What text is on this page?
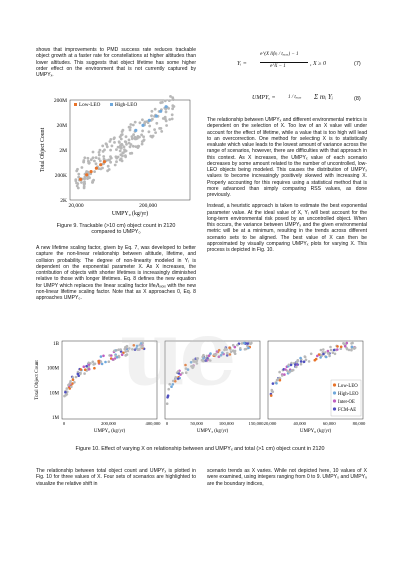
shows that improvements to PMD success rate reduces trackable object growth at a faster rate for constellations at higher altitudes than lower altitudes. This suggests that object lifetime has some higher order effect on the environment that is not currently captured by UMPYₓ.
200M
20M
2M
200K
2K
20,000	200,000
UMPY₀ (kg/yr)
Total Object Count
Low-LEO	High-LEO
Figure 9. Trackable (>10 cm) object count in 2120 compared to UMPY₀
A new lifetime scaling factor, given by Eq. 7, was developed to better capture the non-linear relationship between altitude, lifetime, and collision probability. The degree of non-linearity modeled in Yᵢ is dependent on the exponential parameter X. As X increases, the contribution of objects with shorter lifetimes is increasingly diminished relative to those with longer lifetimes. Eq. 8 defines the new equation for UMPY which replaces the linear scaling factor lifeᵢ/tₓₓₓₓ with the new non-linear lifetime scaling factor. Note that as X approaches 0, Eq. 8 approaches UMPY₀.
Yᵢ =
e^(X lifeᵢ / tₓₓₓₓ) − 1
e^X − 1	, X ≥ 0	(7)
UMPYₓ = 1 / tₓₓₓₓ Σ mᵢ Yᵢ	(8)

The relationship between UMPYₓ and different environmental metrics is dependent on the selection of X. Too low of an X value will under account for the effect of lifetime, while a value that is too high will lead to an overcorrection. One method for selecting X is to statistically evaluate which value leads to the lowest amount of variance across the range of scenarios, however, there are difficulties with that approach in this context. As X increases, the UMPYₓ value of each scenario decreases by some amount related to the number of uncontrolled, low-LEO objects being modeled. This causes the distribution of UMPYₓ values to become increasingly positively skewed with increasing X. Properly accounting for this requires using a statistical method that is more advanced than simply comparing RSS values, as done previously.

Instead, a heuristic approach is taken to estimate the best exponential parameter value. At the ideal value of X, Yᵢ will best account for the long-term environmental risk posed by an uncontrolled object. When this occurs, the variance between UMPYₓ and the given environmental metric will be at a minimum, resulting in the trends across different scenario sets to be aligned. The best value of X can then be approximated by visually comparing UMPYₓ plots for varying X. This process is depicted in Fig. 10.

Total Object Count
1B
100M
10M
1M
0	200,000	400,000
UMPY₀ (kg/yr)
0	50,000	100,000	150,000
UMPY₃ (kg/yr)
20,000	40,000	60,000	80,000
UMPY₆ (kg/yr)
Low-LEO
High-LEO
Inter-OE
FCM-AE
Figure 10. Effect of varying X on relationship between and UMPYₓ and total (>1 cm) object count in 2120
The relationship between total object count and UMPYₓ is plotted in Fig. 10 for three values of X. Four sets of scenarios are highlighted to visualize the relative shift in
scenario trends as X varies. While not depicted here, 10 values of X were examined, using integers ranging from 0 to 9. UMPY₀ and UMPY₉ are the boundary indices,
ue
